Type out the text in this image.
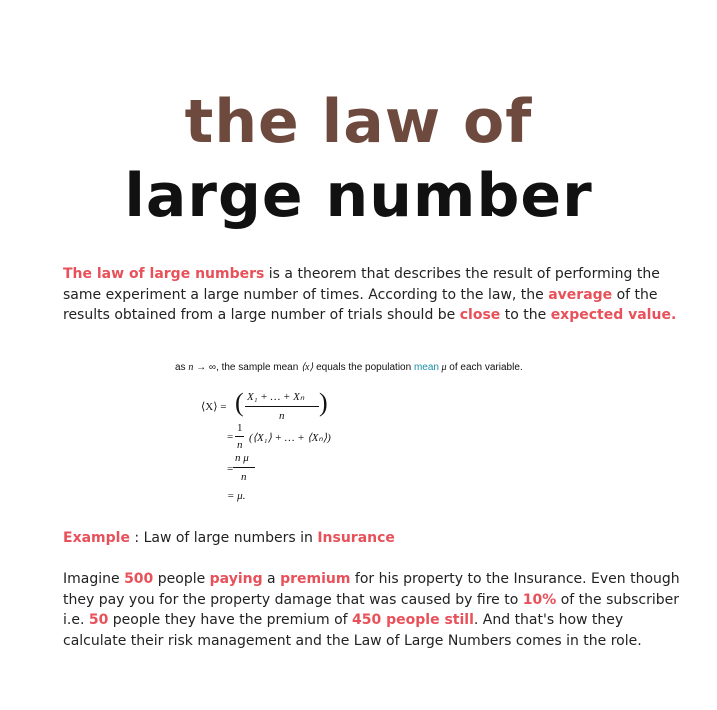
the law of
large number

The law of large numbers is a theorem that describes the result of performing the same experiment a large number of times. According to the law, the average of the results obtained from a large number of trials should be close to the expected value.

as n → ∞, the sample mean ⟨x⟩ equals the population mean μ of each variable.
⟨X⟩ = ( X₁ + … + Xₙ
n )
=
1
n
(⟨X₁⟩ + … + ⟨Xₙ⟩)
=
n μ
n
= μ.

Example : Law of large numbers in Insurance

Imagine 500 people paying a premium for his property to the Insurance. Even though they pay you for the property damage that was caused by fire to 10% of the subscriber i.e. 50 people they have the premium of 450 people still. And that's how they calculate their risk management and the Law of Large Numbers comes in the role.
